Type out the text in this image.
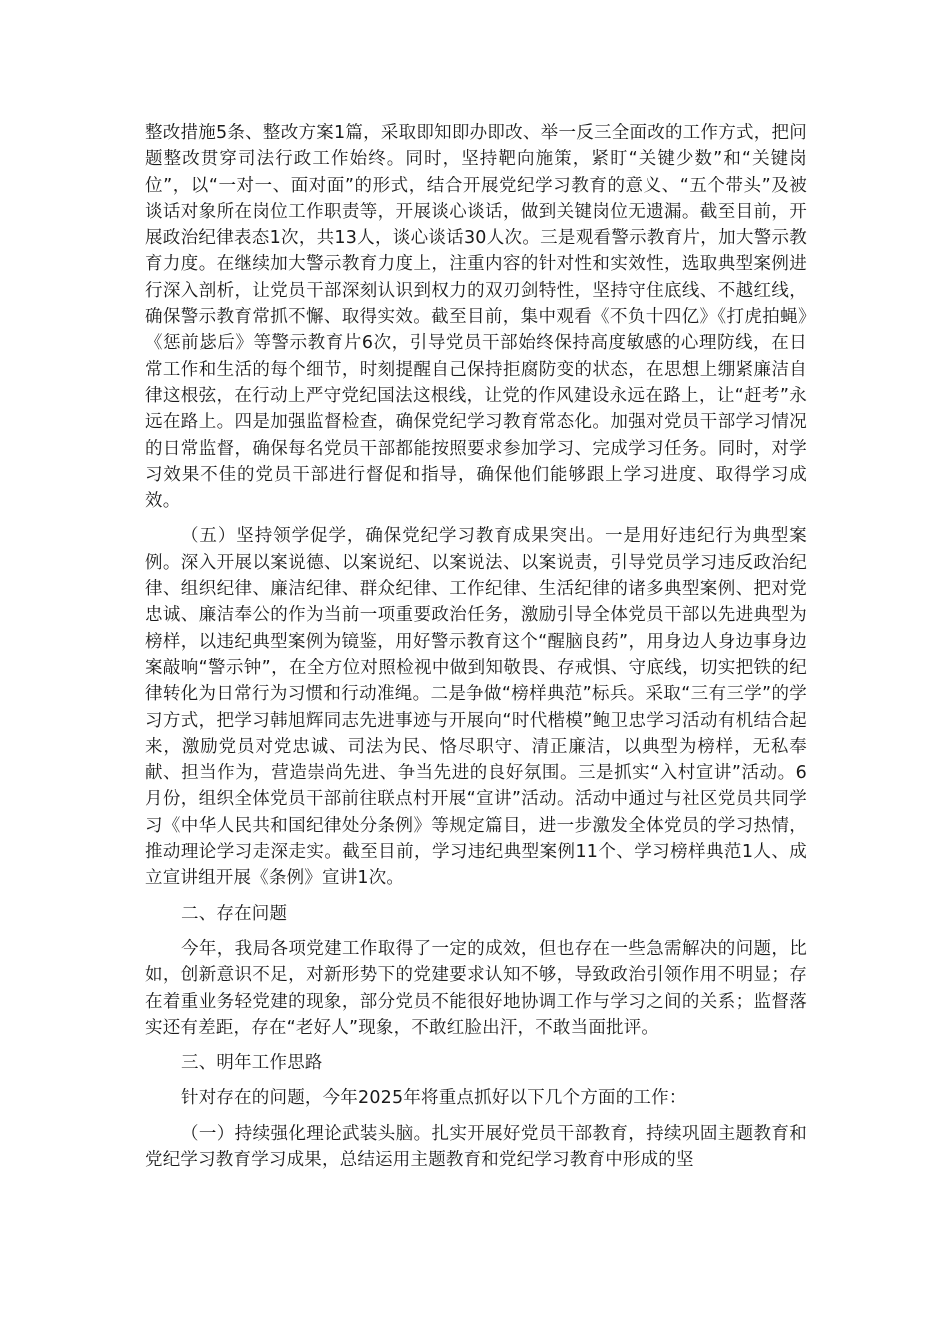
整改措施5条、整改方案1篇，采取即知即办即改、举一反三全面改的工作方式，把问题整改贯穿司法行政工作始终。同时，坚持靶向施策，紧盯“关键少数”和“关键岗位”，以“一对一、面对面”的形式，结合开展党纪学习教育的意义、“五个带头”及被谈话对象所在岗位工作职责等，开展谈心谈话，做到关键岗位无遗漏。截至目前，开展政治纪律表态1次，共13人，谈心谈话30人次。三是观看警示教育片，加大警示教育力度。在继续加大警示教育力度上，注重内容的针对性和实效性，选取典型案例进行深入剖析，让党员干部深刻认识到权力的双刃剑特性，坚持守住底线、不越红线，确保警示教育常抓不懈、取得实效。截至目前，集中观看《不负十四亿》《打虎拍蝇》《惩前毖后》等警示教育片6次，引导党员干部始终保持高度敏感的心理防线，在日常工作和生活的每个细节，时刻提醒自己保持拒腐防变的状态，在思想上绷紧廉洁自律这根弦，在行动上严守党纪国法这根线，让党的作风建设永远在路上，让“赶考”永远在路上。四是加强监督检查，确保党纪学习教育常态化。加强对党员干部学习情况的日常监督，确保每名党员干部都能按照要求参加学习、完成学习任务。同时，对学习效果不佳的党员干部进行督促和指导，确保他们能够跟上学习进度、取得学习成效。

（五）坚持领学促学，确保党纪学习教育成果突出。一是用好违纪行为典型案例。深入开展以案说德、以案说纪、以案说法、以案说责，引导党员学习违反政治纪律、组织纪律、廉洁纪律、群众纪律、工作纪律、生活纪律的诸多典型案例、把对党忠诚、廉洁奉公的作为当前一项重要政治任务，激励引导全体党员干部以先进典型为榜样，以违纪典型案例为镜鉴，用好警示教育这个“醒脑良药”，用身边人身边事身边案敲响“警示钟”，在全方位对照检视中做到知敬畏、存戒惧、守底线，切实把铁的纪律转化为日常行为习惯和行动准绳。二是争做“榜样典范”标兵。采取“三有三学”的学习方式，把学习韩旭辉同志先进事迹与开展向“时代楷模”鲍卫忠学习活动有机结合起来，激励党员对党忠诚、司法为民、恪尽职守、清正廉洁，以典型为榜样，无私奉献、担当作为，营造崇尚先进、争当先进的良好氛围。三是抓实“入村宣讲”活动。6月份，组织全体党员干部前往联点村开展“宣讲”活动。活动中通过与社区党员共同学习《中华人民共和国纪律处分条例》等规定篇目，进一步激发全体党员的学习热情，推动理论学习走深走实。截至目前，学习违纪典型案例11个、学习榜样典范1人、成立宣讲组开展《条例》宣讲1次。

二、存在问题

今年，我局各项党建工作取得了一定的成效，但也存在一些急需解决的问题，比如，创新意识不足，对新形势下的党建要求认知不够，导致政治引领作用不明显；存在着重业务轻党建的现象，部分党员不能很好地协调工作与学习之间的关系；监督落实还有差距，存在“老好人”现象，不敢红脸出汗，不敢当面批评。

三、明年工作思路

针对存在的问题，今年2025年将重点抓好以下几个方面的工作：

（一）持续强化理论武装头脑。扎实开展好党员干部教育，持续巩固主题教育和党纪学习教育学习成果，总结运用主题教育和党纪学习教育中形成的坚
